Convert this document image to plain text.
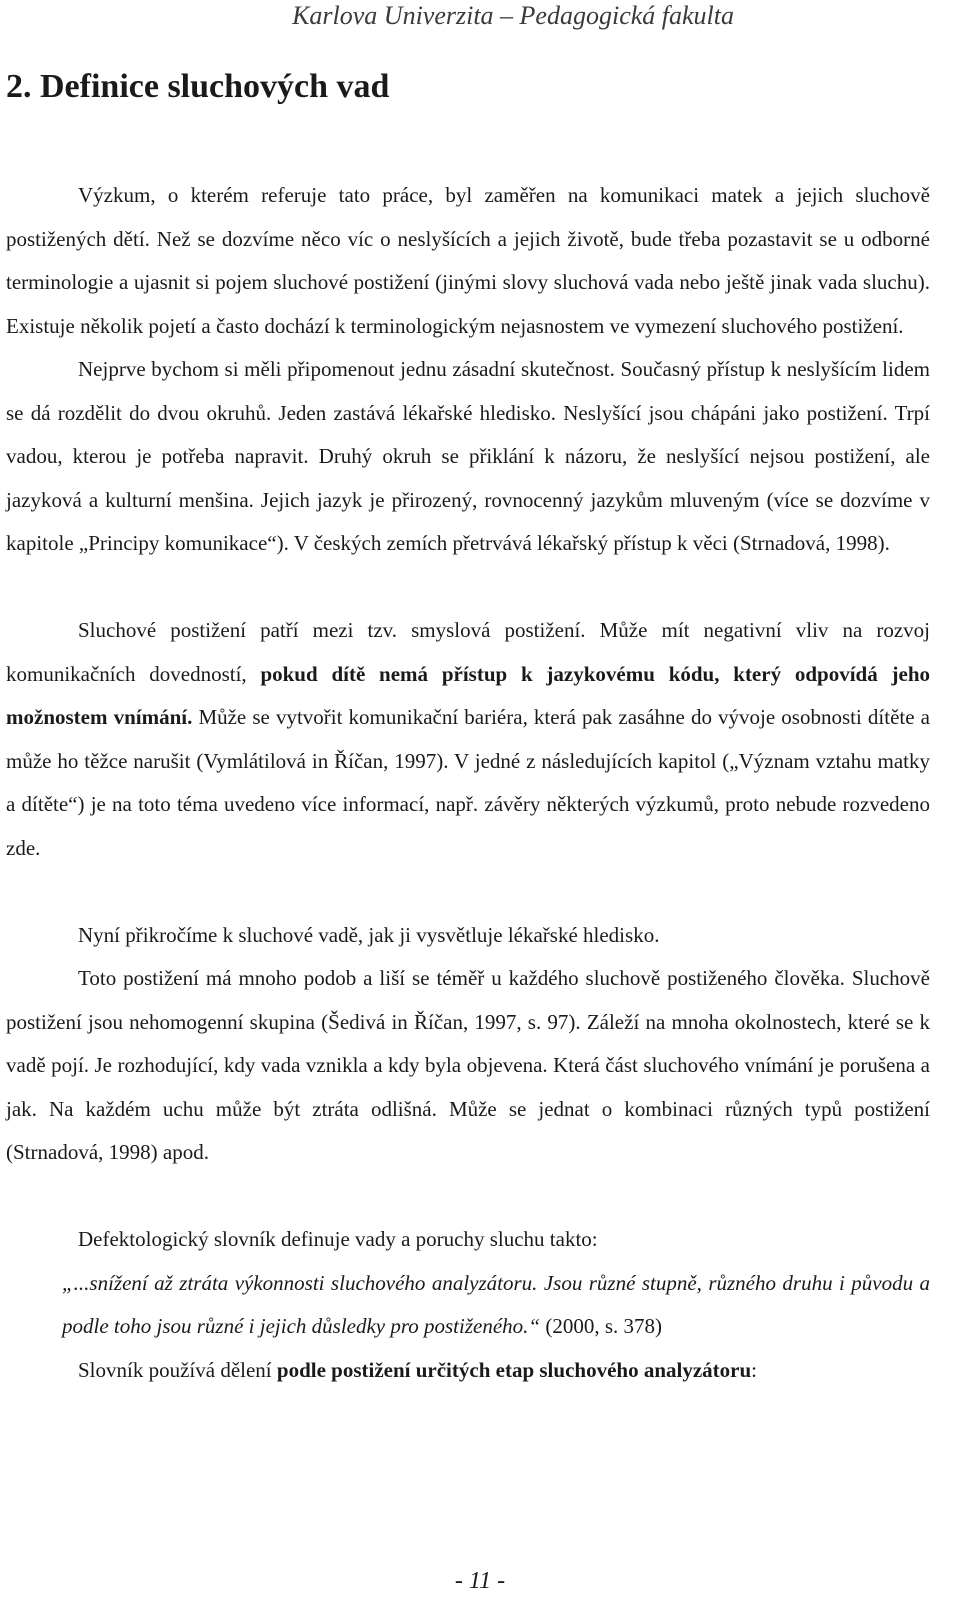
Karlova Univerzita – Pedagogická fakulta
2. Definice sluchových vad

Výzkum, o kterém referuje tato práce, byl zaměřen na komunikaci matek a jejich sluchově postižených dětí. Než se dozvíme něco víc o neslyšících a jejich životě, bude třeba pozastavit se u odborné terminologie a ujasnit si pojem sluchové postižení (jinými slovy sluchová vada nebo ještě jinak vada sluchu). Existuje několik pojetí a často dochází k terminologickým nejasnostem ve vymezení sluchového postižení.

Nejprve bychom si měli připomenout jednu zásadní skutečnost. Současný přístup k neslyšícím lidem se dá rozdělit do dvou okruhů. Jeden zastává lékařské hledisko. Neslyšící jsou chápáni jako postižení. Trpí vadou, kterou je potřeba napravit. Druhý okruh se přiklání k názoru, že neslyšící nejsou postižení, ale jazyková a kulturní menšina. Jejich jazyk je přirozený, rovnocenný jazykům mluveným (více se dozvíme v kapitole „Principy komunikace“). V českých zemích přetrvává lékařský přístup k věci (Strnadová, 1998).

Sluchové postižení patří mezi tzv. smyslová postižení. Může mít negativní vliv na rozvoj komunikačních dovedností, pokud dítě nemá přístup k jazykovému kódu, který odpovídá jeho možnostem vnímání. Může se vytvořit komunikační bariéra, která pak zasáhne do vývoje osobnosti dítěte a může ho těžce narušit (Vymlátilová in Říčan, 1997). V jedné z následujících kapitol („Význam vztahu matky a dítěte“) je na toto téma uvedeno více informací, např. závěry některých výzkumů, proto nebude rozvedeno zde.

Nyní přikročíme k sluchové vadě, jak ji vysvětluje lékařské hledisko.

Toto postižení má mnoho podob a liší se téměř u každého sluchově postiženého člověka. Sluchově postižení jsou nehomogenní skupina (Šedivá in Říčan, 1997, s. 97). Záleží na mnoha okolnostech, které se k vadě pojí. Je rozhodující, kdy vada vznikla a kdy byla objevena. Která část sluchového vnímání je porušena a jak. Na každém uchu může být ztráta odlišná. Může se jednat o kombinaci různých typů postižení (Strnadová, 1998) apod.

Defektologický slovník definuje vady a poruchy sluchu takto:

„...snížení až ztráta výkonnosti sluchového analyzátoru. Jsou různé stupně, různého druhu i původu a podle toho jsou různé i jejich důsledky pro postiženého.“ (2000, s. 378)

Slovník používá dělení podle postižení určitých etap sluchového analyzátoru:

- 11 -
